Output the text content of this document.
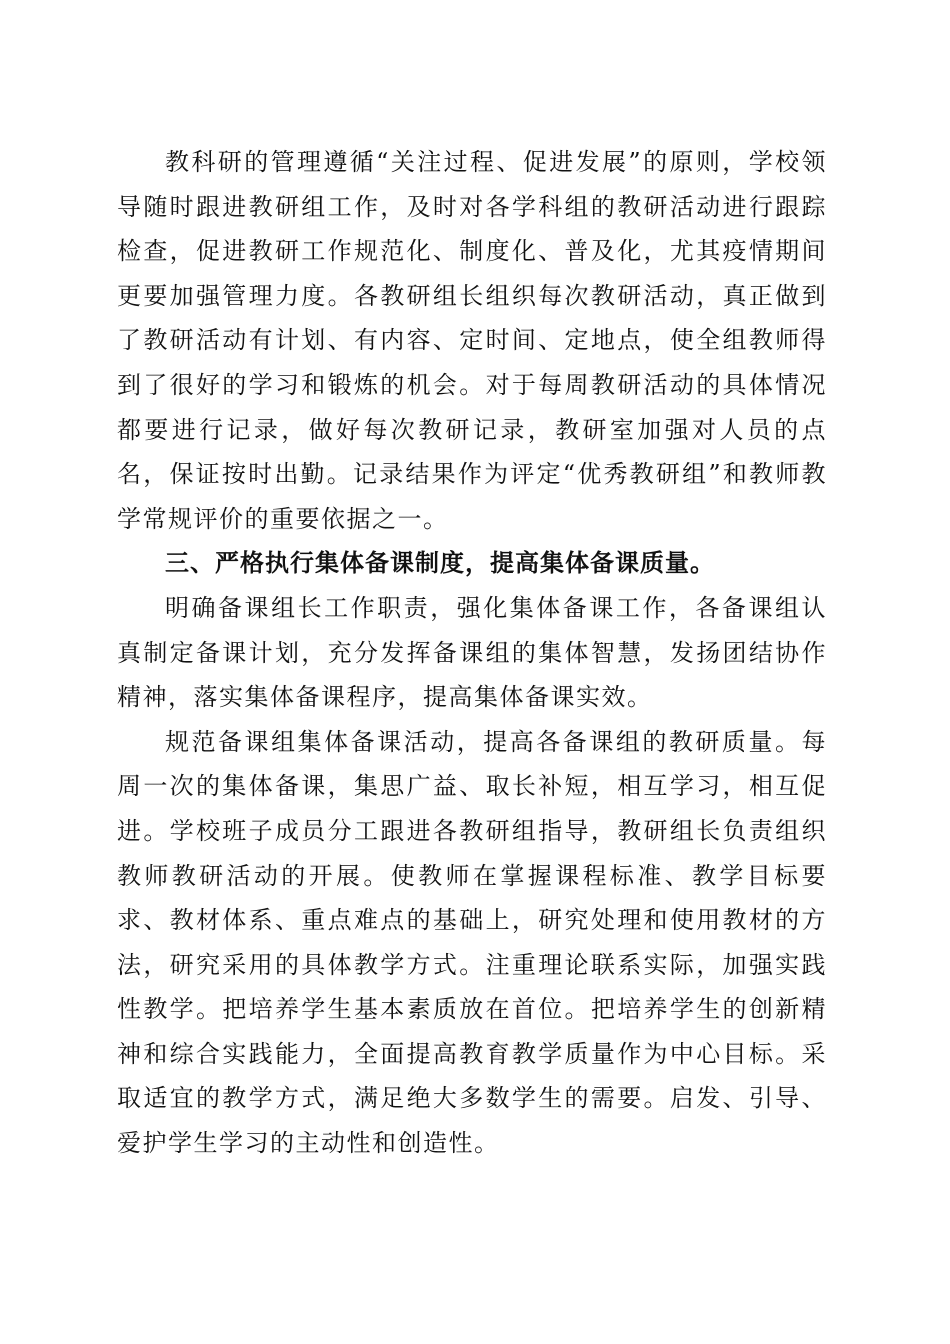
教科研的管理遵循“关注过程、促进发展”的原则，学校领导随时跟进教研组工作，及时对各学科组的教研活动进行跟踪检查，促进教研工作规范化、制度化、普及化，尤其疫情期间更要加强管理力度。各教研组长组织每次教研活动，真正做到了教研活动有计划、有内容、定时间、定地点，使全组教师得到了很好的学习和锻炼的机会。对于每周教研活动的具体情况都要进行记录，做好每次教研记录，教研室加强对人员的点名，保证按时出勤。记录结果作为评定“优秀教研组”和教师教学常规评价的重要依据之一。

三、严格执行集体备课制度，提高集体备课质量。

明确备课组长工作职责，强化集体备课工作，各备课组认真制定备课计划，充分发挥备课组的集体智慧，发扬团结协作精神，落实集体备课程序，提高集体备课实效。

规范备课组集体备课活动，提高各备课组的教研质量。每周一次的集体备课，集思广益、取长补短，相互学习，相互促进。学校班子成员分工跟进各教研组指导，教研组长负责组织教师教研活动的开展。使教师在掌握课程标准、教学目标要求、教材体系、重点难点的基础上，研究处理和使用教材的方法，研究采用的具体教学方式。注重理论联系实际，加强实践性教学。把培养学生基本素质放在首位。把培养学生的创新精神和综合实践能力，全面提高教育教学质量作为中心目标。采取适宜的教学方式，满足绝大多数学生的需要。启发、引导、爱护学生学习的主动性和创造性。
